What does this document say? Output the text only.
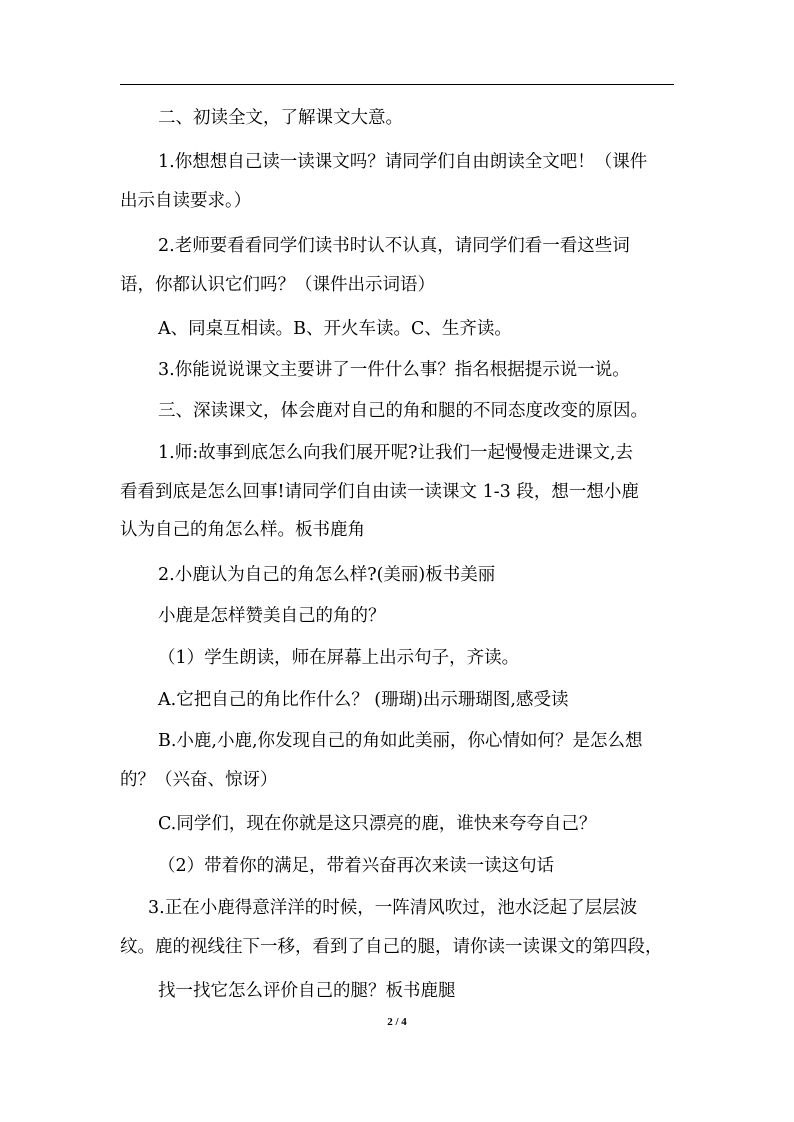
二、初读全文，了解课文大意。
1.你想想自己读一读课文吗？请同学们自由朗读全文吧！（课件
出示自读要求。）
2.老师要看看同学们读书时认不认真，请同学们看一看这些词
语，你都认识它们吗？（课件出示词语）
A、同桌互相读。B、开火车读。C、生齐读。
3.你能说说课文主要讲了一件什么事？指名根据提示说一说。
三、深读课文，体会鹿对自己的角和腿的不同态度改变的原因。
1.师:故事到底怎么向我们展开呢?让我们一起慢慢走进课文,去
看看到底是怎么回事!请同学们自由读一读课文 1-3 段，想一想小鹿
认为自己的角怎么样。板书鹿角
2.小鹿认为自己的角怎么样?(美丽)板书美丽
小鹿是怎样赞美自己的角的？
（1）学生朗读，师在屏幕上出示句子，齐读。
A.它把自己的角比作什么？ (珊瑚)出示珊瑚图,感受读
B.小鹿,小鹿,你发现自己的角如此美丽，你心情如何？是怎么想
的？（兴奋、惊讶）
C.同学们，现在你就是这只漂亮的鹿，谁快来夸夸自己？
（2）带着你的满足，带着兴奋再次来读一读这句话
3.正在小鹿得意洋洋的时候，一阵清风吹过，池水泛起了层层波
纹。鹿的视线往下一移，看到了自己的腿，请你读一读课文的第四段，
找一找它怎么评价自己的腿？板书鹿腿
2 / 4
